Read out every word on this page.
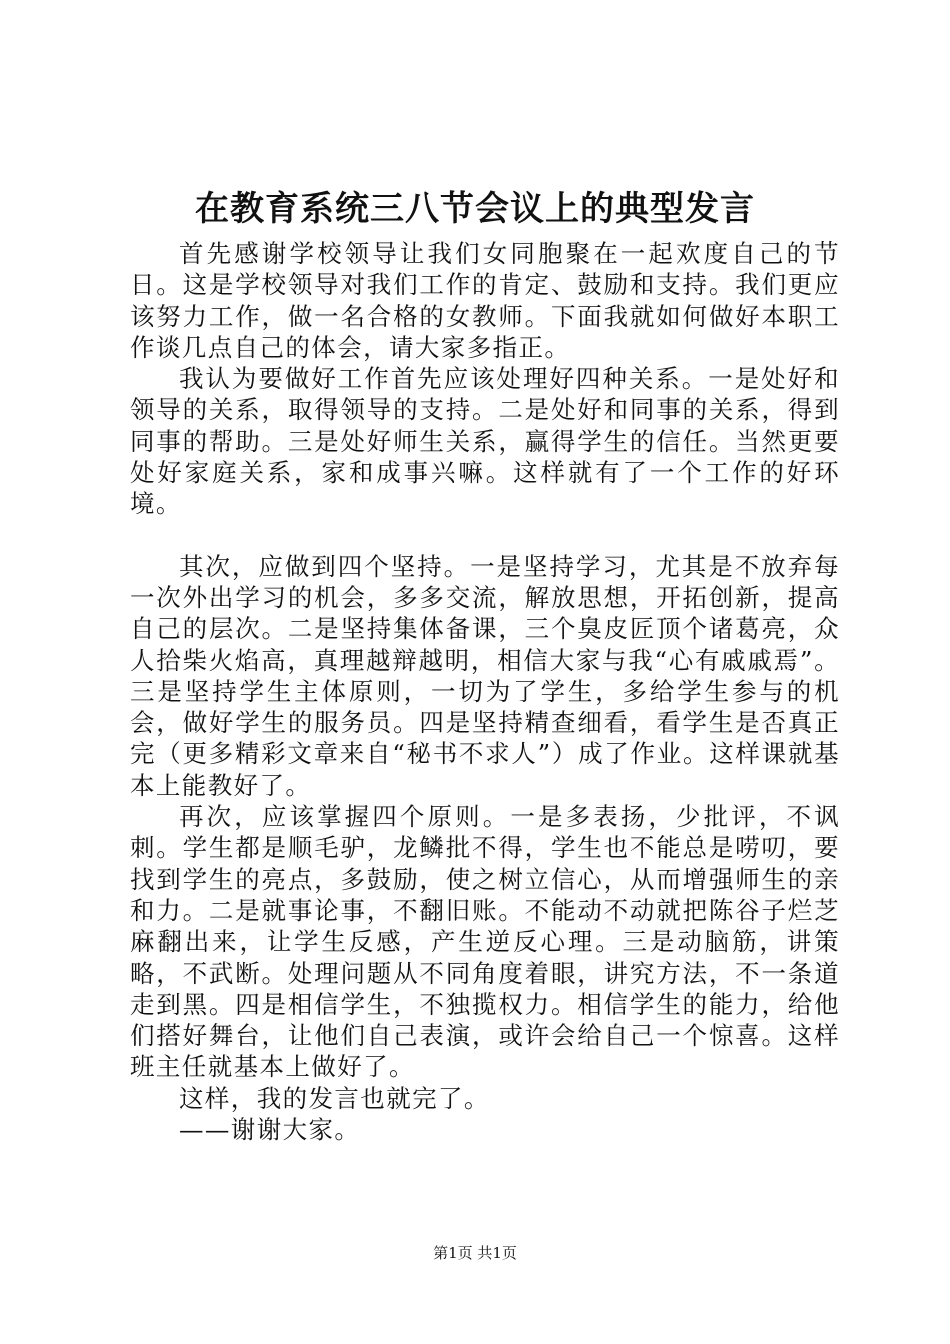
在教育系统三八节会议上的典型发言

首先感谢学校领导让我们女同胞聚在一起欢度自己的节日。这是学校领导对我们工作的肯定、鼓励和支持。我们更应该努力工作，做一名合格的女教师。下面我就如何做好本职工作谈几点自己的体会，请大家多指正。

我认为要做好工作首先应该处理好四种关系。一是处好和领导的关系，取得领导的支持。二是处好和同事的关系，得到同事的帮助。三是处好师生关系，赢得学生的信任。当然更要处好家庭关系，家和成事兴嘛。这样就有了一个工作的好环境。

其次，应做到四个坚持。一是坚持学习，尤其是不放弃每一次外出学习的机会，多多交流，解放思想，开拓创新，提高自己的层次。二是坚持集体备课，三个臭皮匠顶个诸葛亮，众人拾柴火焰高，真理越辩越明，相信大家与我“心有戚戚焉”。三是坚持学生主体原则，一切为了学生，多给学生参与的机会，做好学生的服务员。四是坚持精查细看，看学生是否真正完（更多精彩文章来自“秘书不求人”）成了作业。这样课就基本上能教好了。

再次，应该掌握四个原则。一是多表扬，少批评，不讽刺。学生都是顺毛驴，龙鳞批不得，学生也不能总是唠叨，要找到学生的亮点，多鼓励，使之树立信心，从而增强师生的亲和力。二是就事论事，不翻旧账。不能动不动就把陈谷子烂芝麻翻出来，让学生反感，产生逆反心理。三是动脑筋，讲策略，不武断。处理问题从不同角度着眼，讲究方法，不一条道走到黑。四是相信学生，不独揽权力。相信学生的能力，给他们搭好舞台，让他们自己表演，或许会给自己一个惊喜。这样班主任就基本上做好了。

这样，我的发言也就完了。

——谢谢大家。

第1页 共1页
